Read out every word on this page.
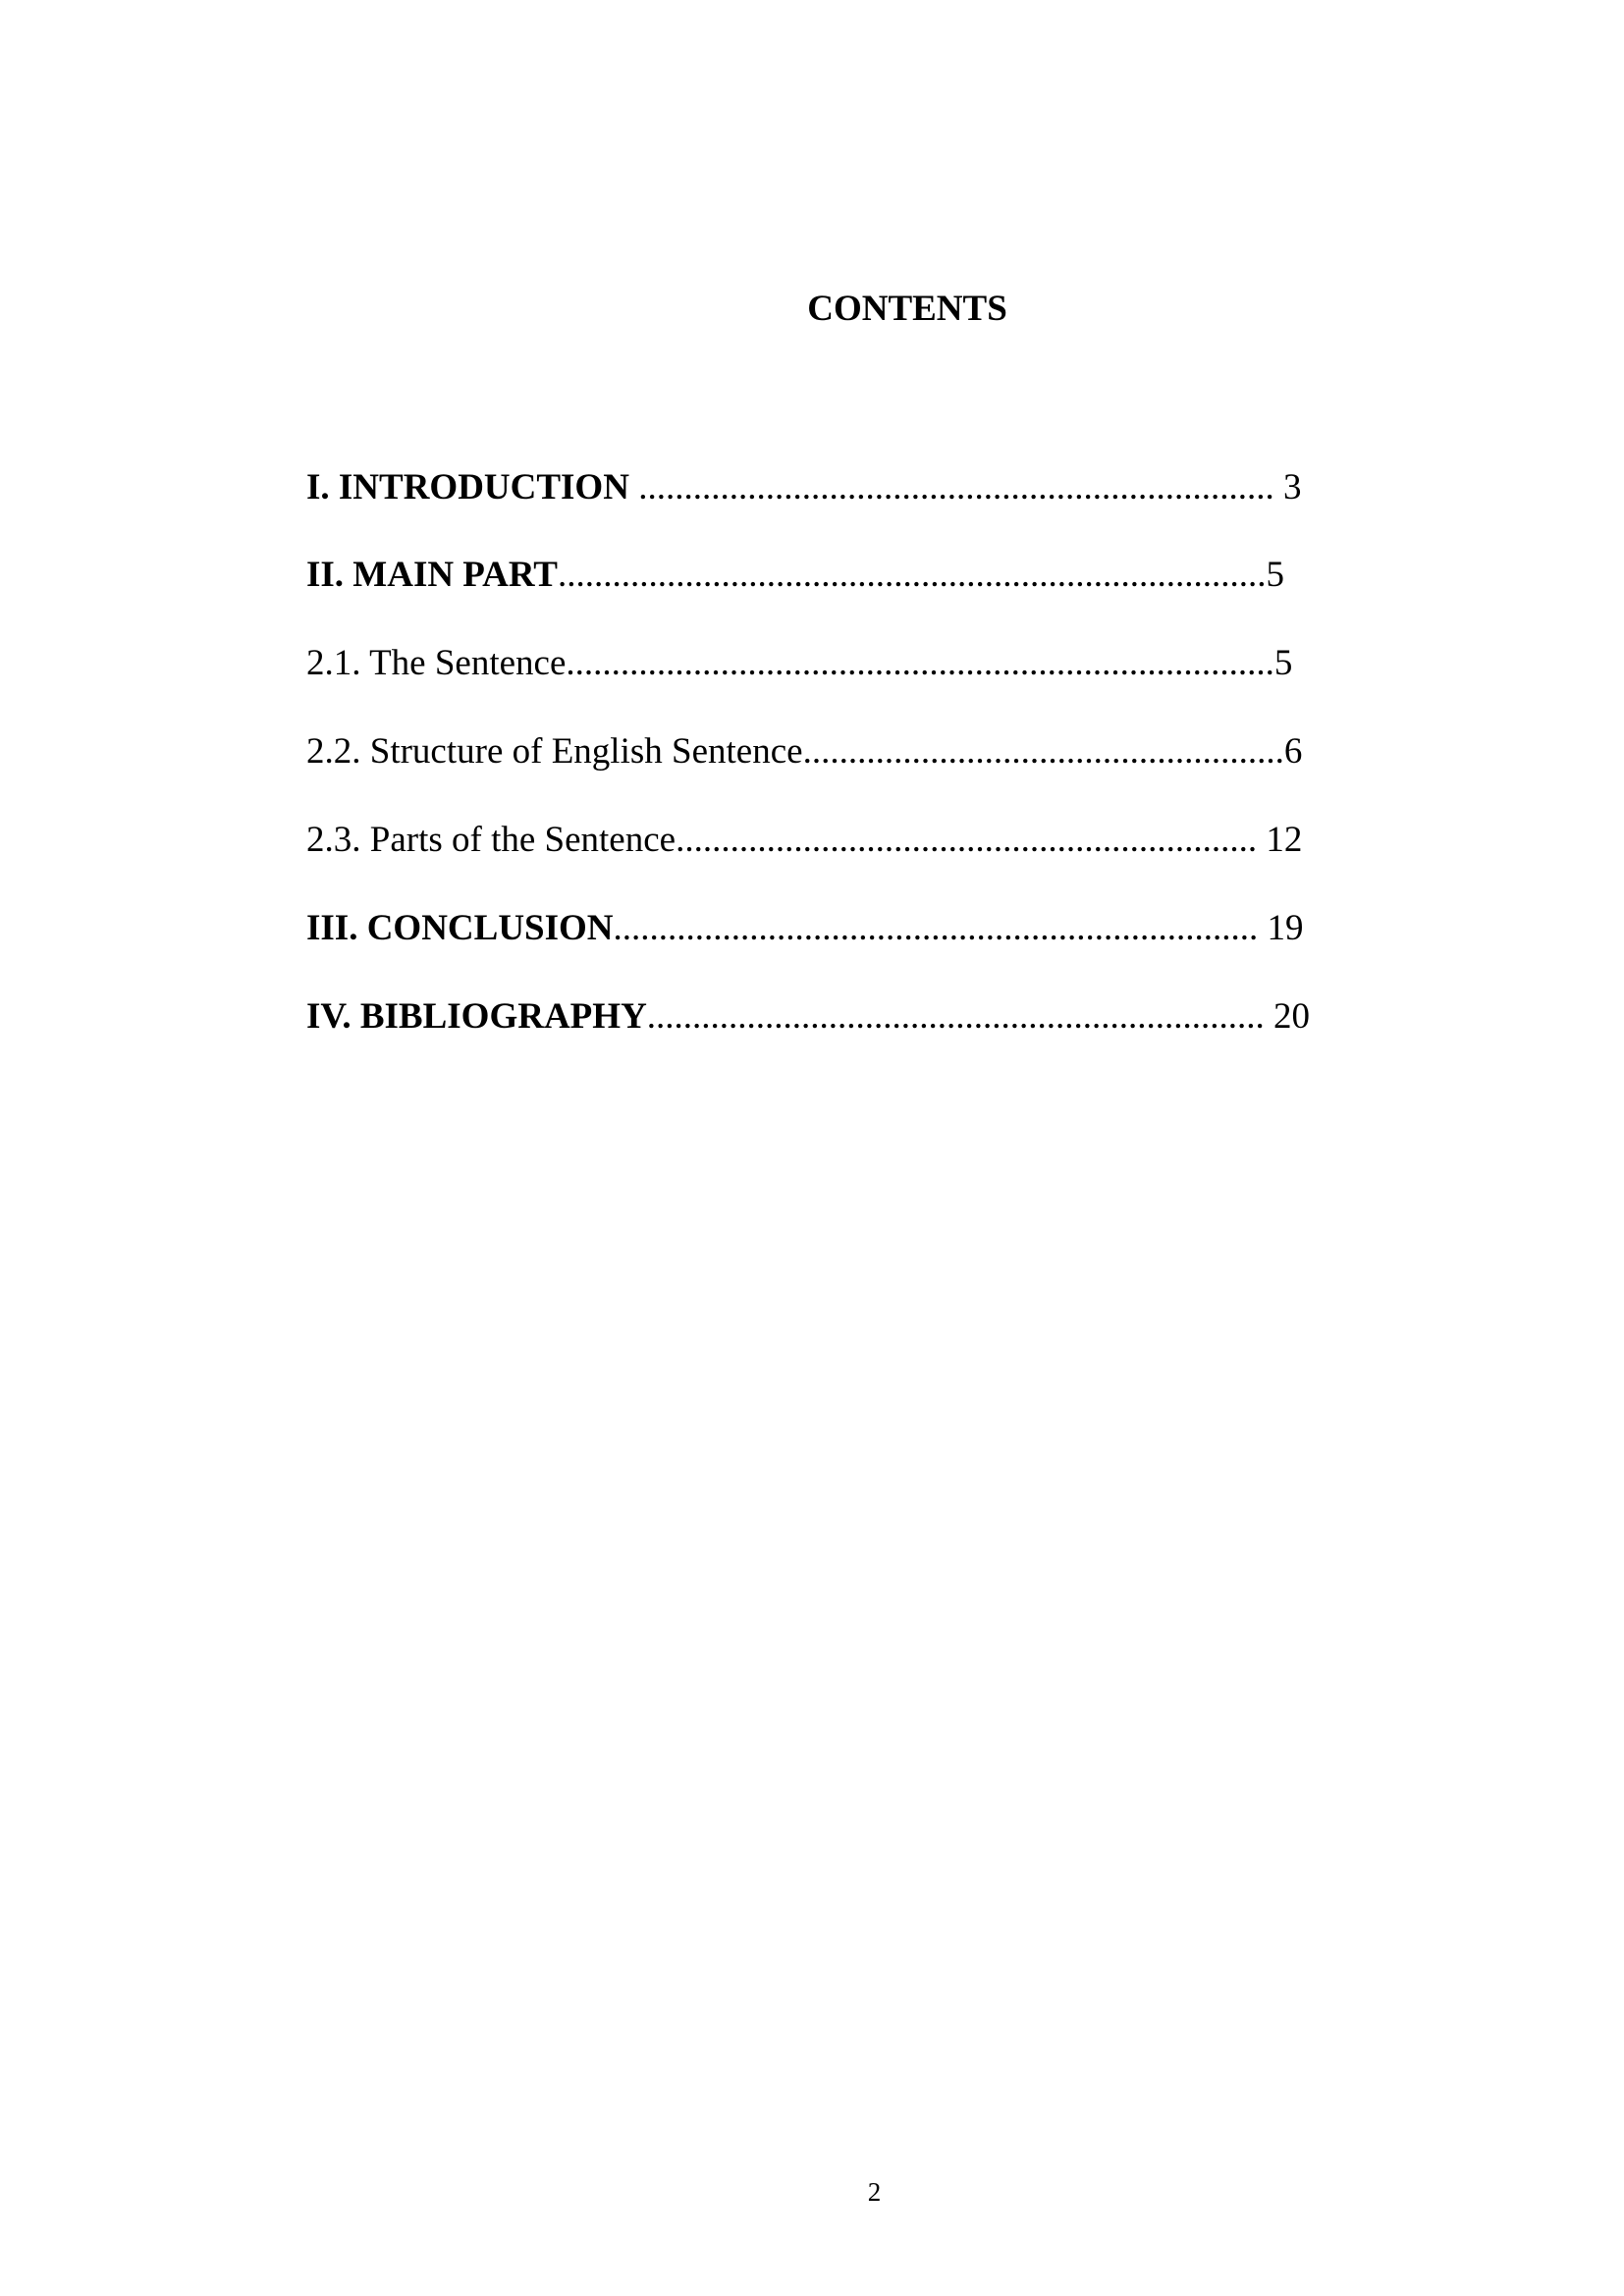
CONTENTS
I. INTRODUCTION ...................................................................... 3
II. MAIN PART..............................................................................5
2.1. The Sentence..............................................................................5
2.2. Structure of English Sentence.....................................................6
2.3. Parts of the Sentence................................................................ 12
III. CONCLUSION....................................................................... 19
IV. BIBLIOGRAPHY.................................................................... 20
2
